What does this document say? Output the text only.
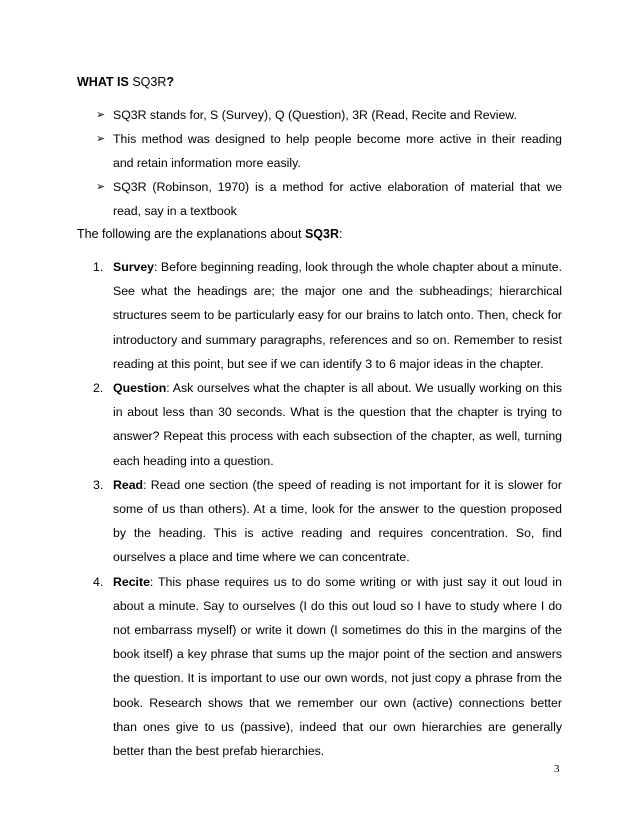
WHAT IS SQ3R?
➢ SQ3R stands for, S (Survey), Q (Question), 3R (Read, Recite and Review.
➢ This method was designed to help people become more active in their reading and retain information more easily.
➢ SQ3R (Robinson, 1970) is a method for active elaboration of material that we read, say in a textbook
The following are the explanations about SQ3R:
1. Survey: Before beginning reading, look through the whole chapter about a minute. See what the headings are; the major one and the subheadings; hierarchical structures seem to be particularly easy for our brains to latch onto. Then, check for introductory and summary paragraphs, references and so on. Remember to resist reading at this point, but see if we can identify 3 to 6 major ideas in the chapter.
2. Question: Ask ourselves what the chapter is all about. We usually working on this in about less than 30 seconds. What is the question that the chapter is trying to answer? Repeat this process with each subsection of the chapter, as well, turning each heading into a question.
3. Read: Read one section (the speed of reading is not important for it is slower for some of us than others). At a time, look for the answer to the question proposed by the heading. This is active reading and requires concentration. So, find ourselves a place and time where we can concentrate.
4. Recite: This phase requires us to do some writing or with just say it out loud in about a minute. Say to ourselves (I do this out loud so I have to study where I do not embarrass myself) or write it down (I sometimes do this in the margins of the book itself) a key phrase that sums up the major point of the section and answers the question. It is important to use our own words, not just copy a phrase from the book. Research shows that we remember our own (active) connections better than ones give to us (passive), indeed that our own hierarchies are generally better than the best prefab hierarchies.
3
